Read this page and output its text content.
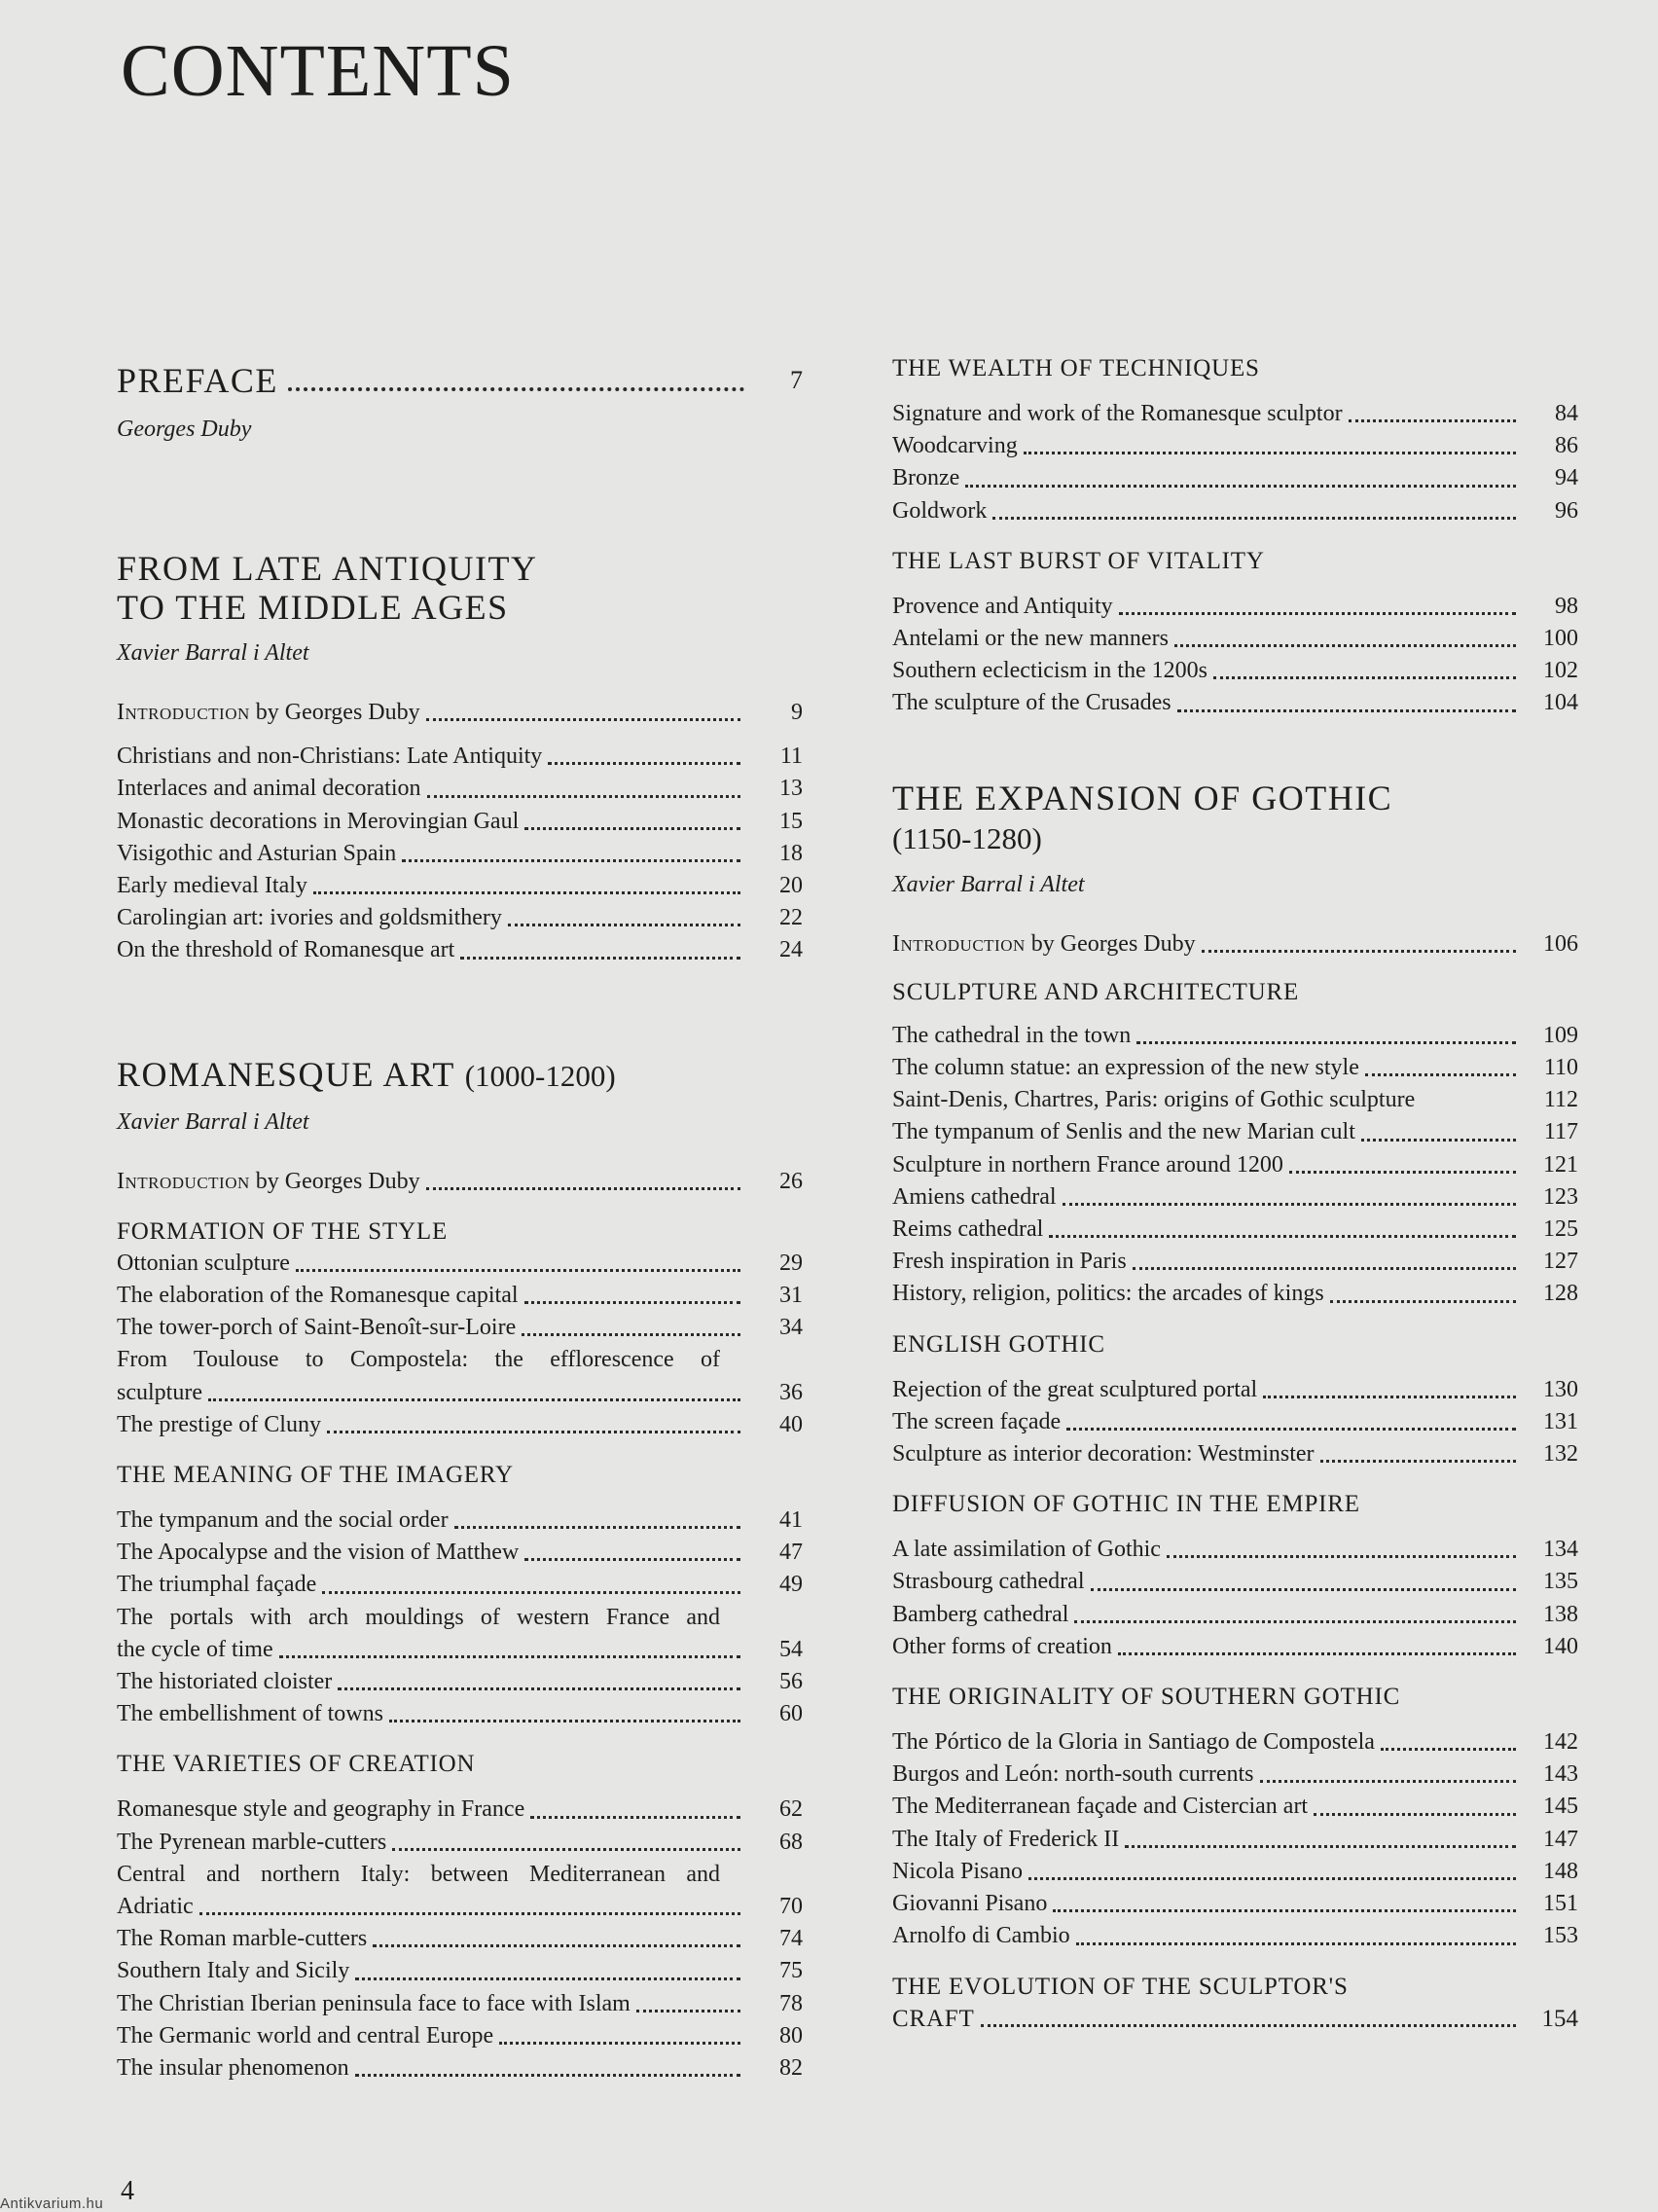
CONTENTS
PREFACE	7
Georges Duby
FROM LATE ANTIQUITY
TO THE MIDDLE AGES
Xavier Barral i Altet
Introduction by Georges Duby	9
Christians and non-Christians: Late Antiquity	11
Interlaces and animal decoration	13
Monastic decorations in Merovingian Gaul	15
Visigothic and Asturian Spain	18
Early medieval Italy	20
Carolingian art: ivories and goldsmithery	22
On the threshold of Romanesque art	24
ROMANESQUE ART (1000-1200)
Xavier Barral i Altet
Introduction by Georges Duby	26
FORMATION OF THE STYLE
Ottonian sculpture	29
The elaboration of the Romanesque capital	31
The tower-porch of Saint-Benoît-sur-Loire	34
From Toulouse to Compostela: the efflorescence of
sculpture	36
The prestige of Cluny	40
THE MEANING OF THE IMAGERY
The tympanum and the social order	41
The Apocalypse and the vision of Matthew	47
The triumphal façade	49
The portals with arch mouldings of western France and
the cycle of time	54
The historiated cloister	56
The embellishment of towns	60
THE VARIETIES OF CREATION
Romanesque style and geography in France	62
The Pyrenean marble-cutters	68
Central and northern Italy: between Mediterranean and
Adriatic	70
The Roman marble-cutters	74
Southern Italy and Sicily	75
The Christian Iberian peninsula face to face with Islam	78
The Germanic world and central Europe	80
The insular phenomenon	82
THE WEALTH OF TECHNIQUES
Signature and work of the Romanesque sculptor	84
Woodcarving	86
Bronze	94
Goldwork	96
THE LAST BURST OF VITALITY
Provence and Antiquity	98
Antelami or the new manners	100
Southern eclecticism in the 1200s	102
The sculpture of the Crusades	104
THE EXPANSION OF GOTHIC
(1150-1280)
Xavier Barral i Altet
Introduction by Georges Duby	106
SCULPTURE AND ARCHITECTURE
The cathedral in the town	109
The column statue: an expression of the new style	110
Saint-Denis, Chartres, Paris: origins of Gothic sculpture	112
The tympanum of Senlis and the new Marian cult	117
Sculpture in northern France around 1200	121
Amiens cathedral	123
Reims cathedral	125
Fresh inspiration in Paris	127
History, religion, politics: the arcades of kings	128
ENGLISH GOTHIC
Rejection of the great sculptured portal	130
The screen façade	131
Sculpture as interior decoration: Westminster	132
DIFFUSION OF GOTHIC IN THE EMPIRE
A late assimilation of Gothic	134
Strasbourg cathedral	135
Bamberg cathedral	138
Other forms of creation	140
THE ORIGINALITY OF SOUTHERN GOTHIC
The Pórtico de la Gloria in Santiago de Compostela	142
Burgos and León: north-south currents	143
The Mediterranean façade and Cistercian art	145
The Italy of Frederick II	147
Nicola Pisano	148
Giovanni Pisano	151
Arnolfo di Cambio	153
THE EVOLUTION OF THE SCULPTOR'S
CRAFT	154
4
Antikvarium.hu
